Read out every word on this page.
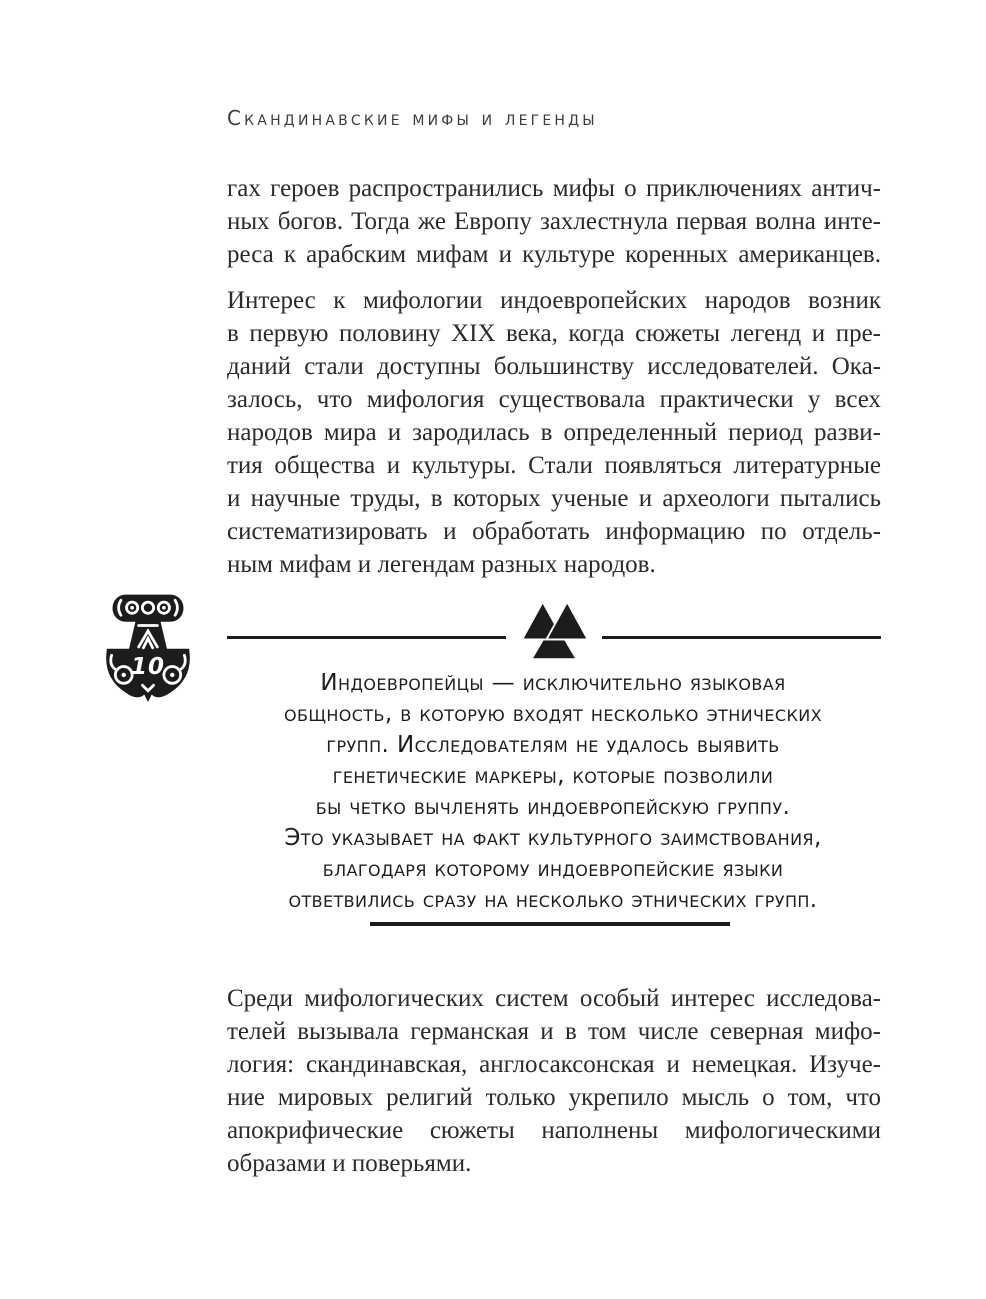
Скандинавские мифы и легенды
гах героев распространились мифы о приключениях антич-
ных богов. Тогда же Европу захлестнула первая волна инте-
реса к арабским мифам и культуре коренных американцев.
Интерес к мифологии индоевропейских народов возник
в первую половину XIX века, когда сюжеты легенд и пре-
даний стали доступны большинству исследователей. Ока-
залось, что мифология существовала практически у всех
народов мира и зародилась в определенный период разви-
тия общества и культуры. Стали появляться литературные
и научные труды, в которых ученые и археологи пытались
систематизировать и обработать информацию по отдель-
ным мифам и легендам разных народов.
10
Индоевропейцы — исключительно языковая
общность, в которую входят несколько этнических
групп. Исследователям не удалось выявить
генетические маркеры, которые позволили
бы четко вычленять индоевропейскую группу.
Это указывает на факт культурного заимствования,
благодаря которому индоевропейские языки
ответвились сразу на несколько этнических групп.
Среди мифологических систем особый интерес исследова-
телей вызывала германская и в том числе северная мифо-
логия: скандинавская, англосаксонская и немецкая. Изуче-
ние мировых религий только укрепило мысль о том, что
апокрифические сюжеты наполнены мифологическими
образами и поверьями.
